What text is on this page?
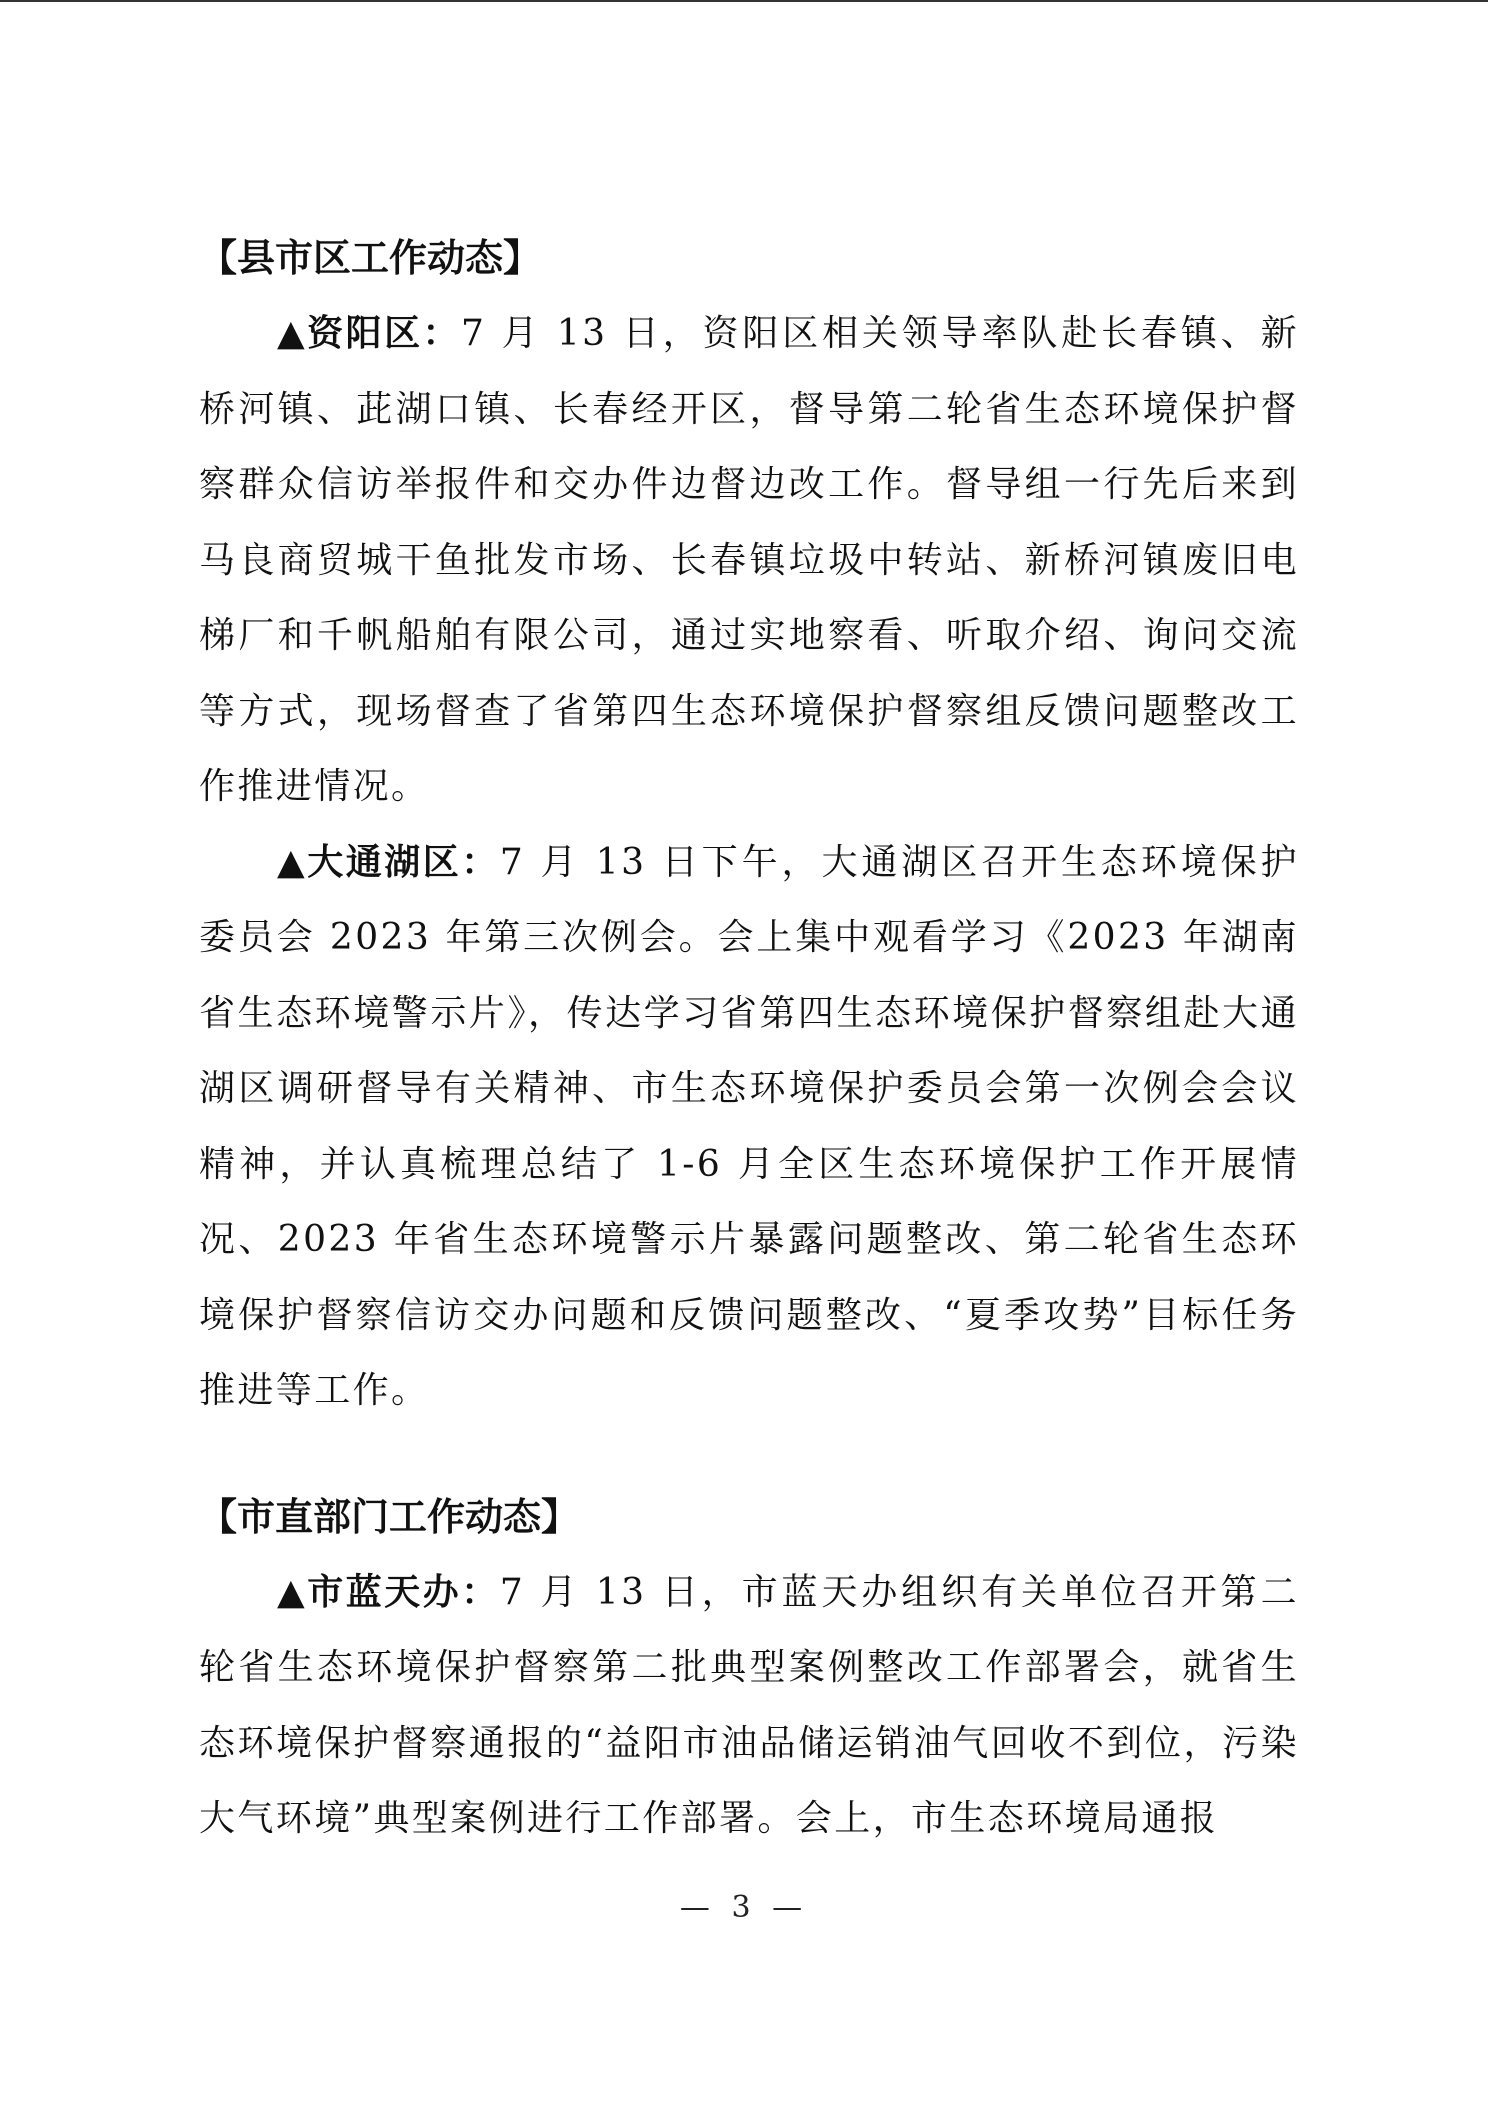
【县市区工作动态】

▲资阳区：7 月 13 日，资阳区相关领导率队赴长春镇、新桥河镇、茈湖口镇、长春经开区，督导第二轮省生态环境保护督察群众信访举报件和交办件边督边改工作。督导组一行先后来到马良商贸城干鱼批发市场、长春镇垃圾中转站、新桥河镇废旧电梯厂和千帆船舶有限公司，通过实地察看、听取介绍、询问交流等方式，现场督查了省第四生态环境保护督察组反馈问题整改工作推进情况。

▲大通湖区：7 月 13 日下午，大通湖区召开生态环境保护委员会 2023 年第三次例会。会上集中观看学习《2023 年湖南省生态环境警示片》，传达学习省第四生态环境保护督察组赴大通湖区调研督导有关精神、市生态环境保护委员会第一次例会会议精神，并认真梳理总结了 1-6 月全区生态环境保护工作开展情况、2023 年省生态环境警示片暴露问题整改、第二轮省生态环境保护督察信访交办问题和反馈问题整改、“夏季攻势”目标任务推进等工作。

【市直部门工作动态】

▲市蓝天办：7 月 13 日，市蓝天办组织有关单位召开第二轮省生态环境保护督察第二批典型案例整改工作部署会，就省生态环境保护督察通报的“益阳市油品储运销油气回收不到位，污染大气环境”典型案例进行工作部署。会上，市生态环境局通报

— 3 —
